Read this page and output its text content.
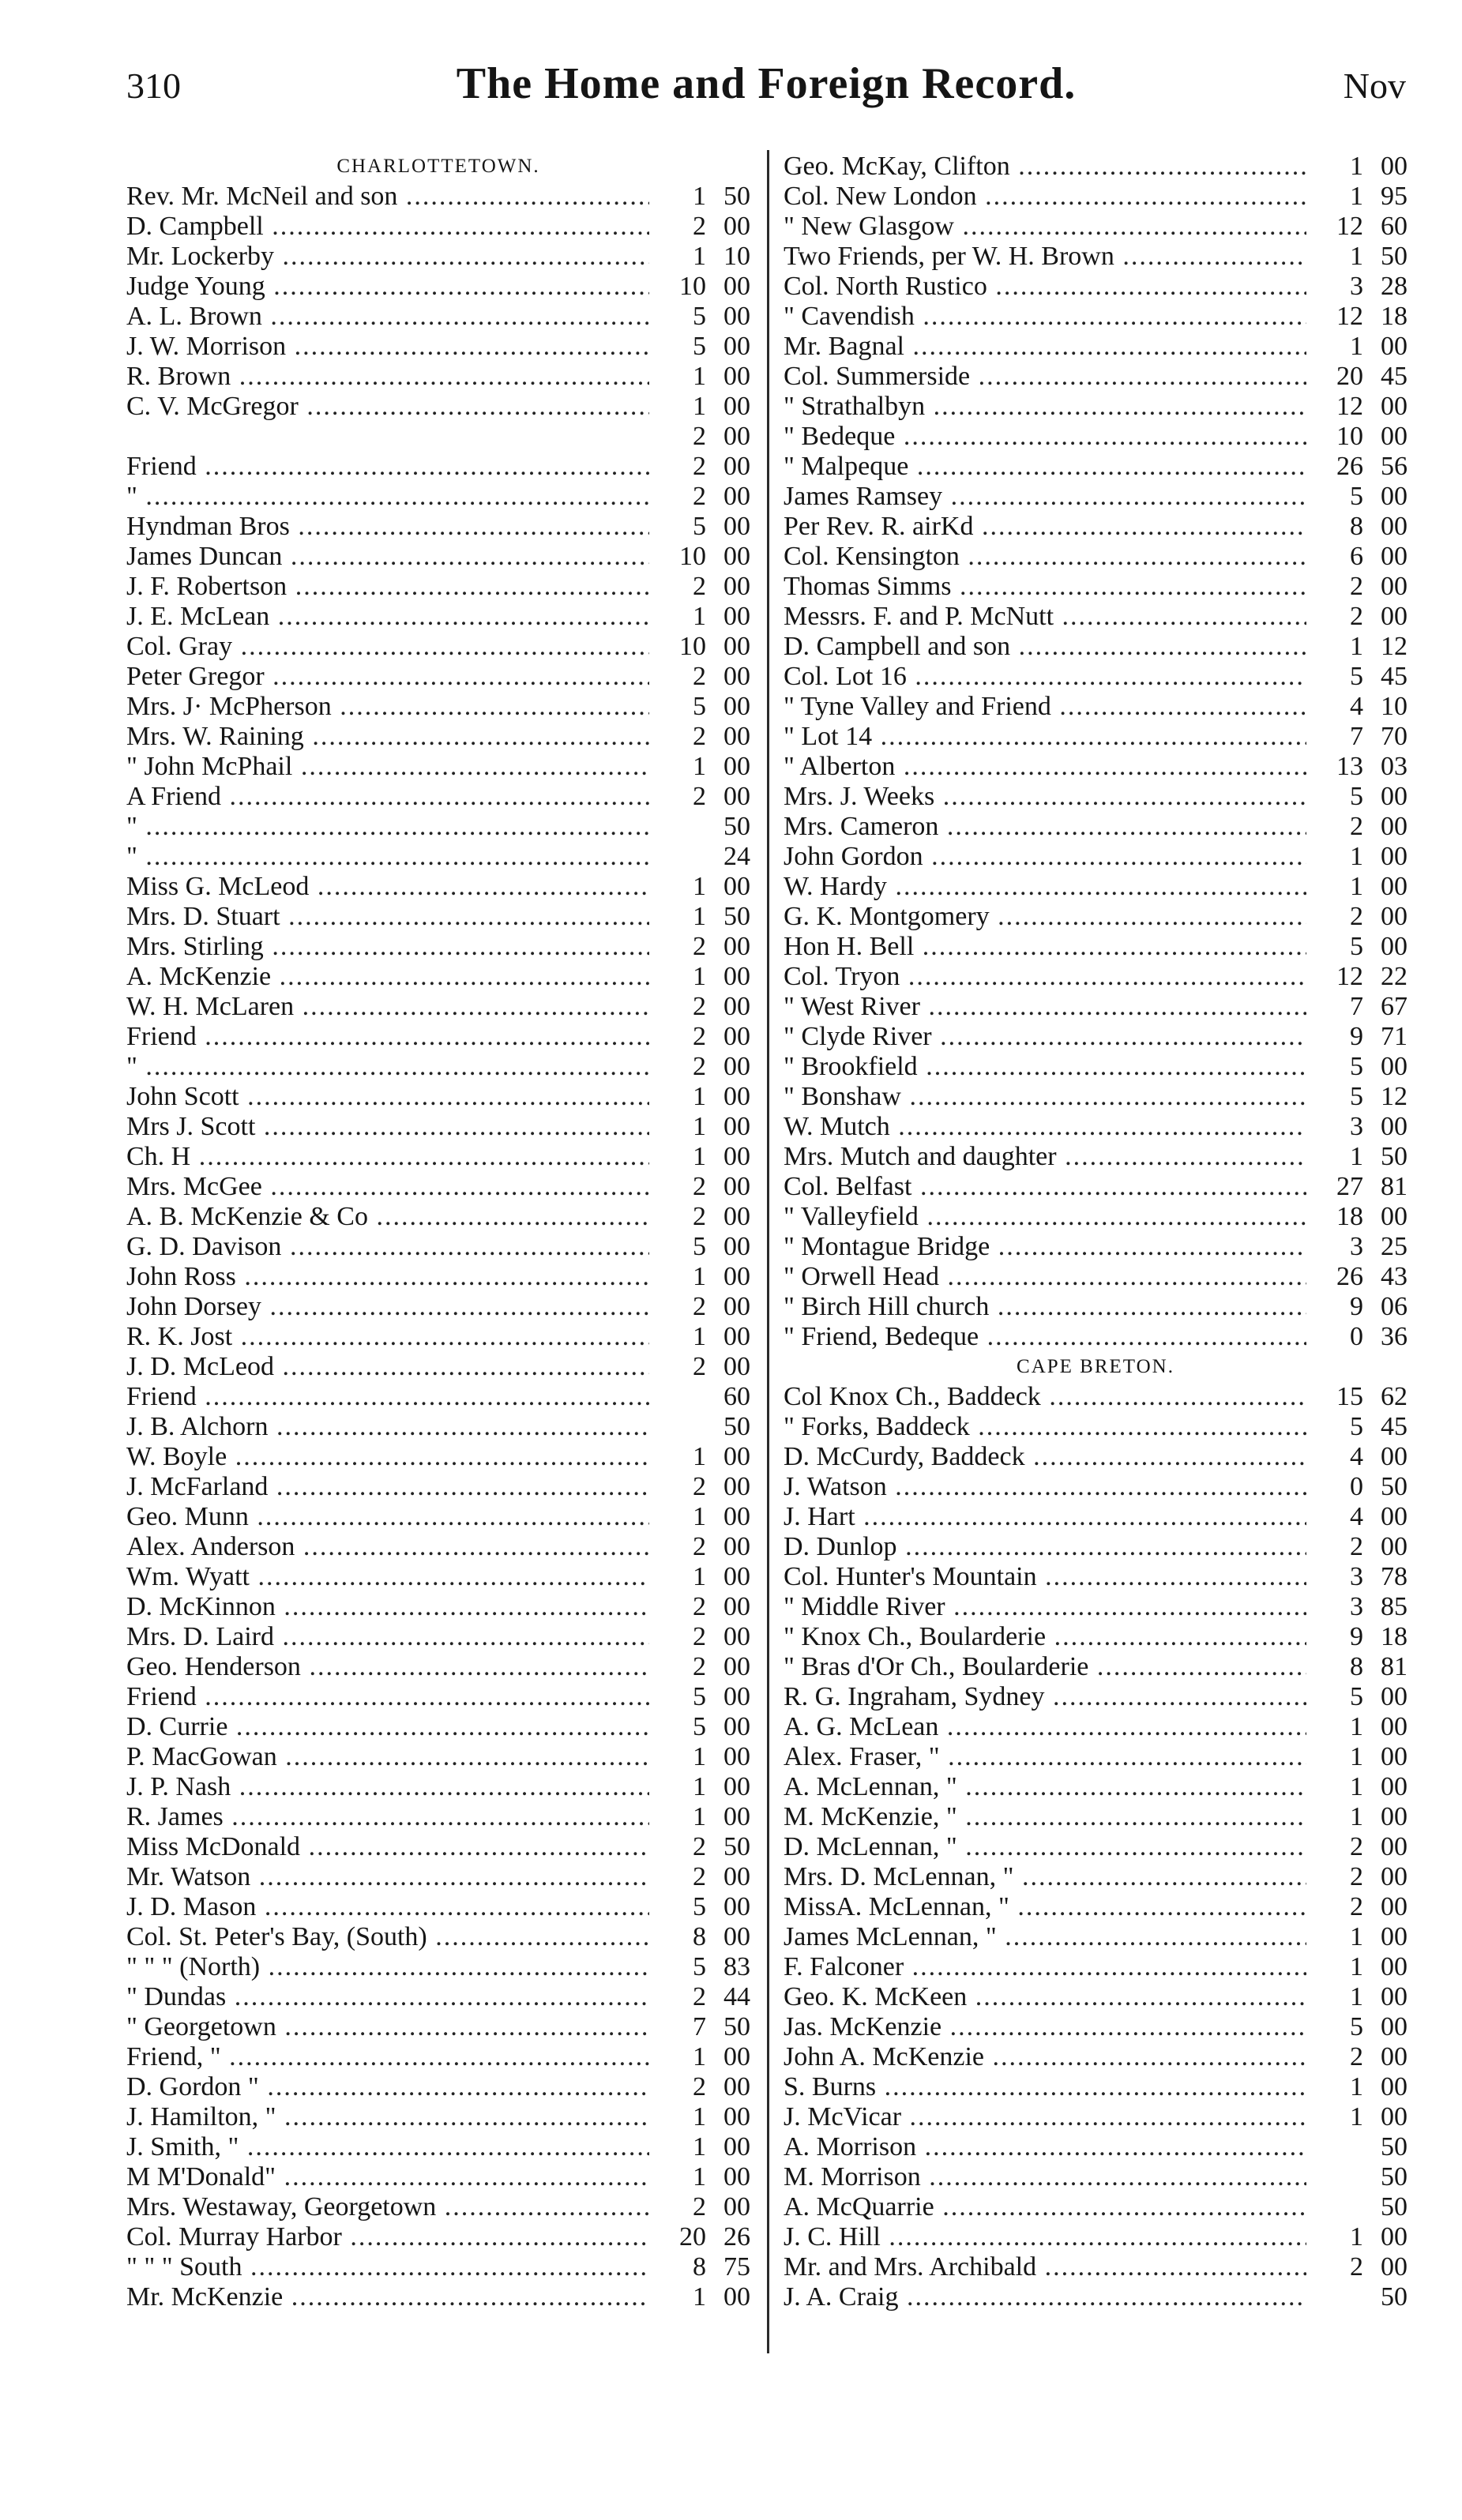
310	The Home and Foreign Record.	Nov
CHARLOTTETOWN.
Rev. Mr. McNeil and son .....	1 50
D. Campbell .....	2 00
Mr. Lockerby .....	1 10
Judge Young .....	10 00
A. L. Brown .....	5 00
J. W. Morrison .....	5 00
R. Brown .....	1 00
C. V. McGregor .....	1 00
2 00
Friend .....	2 00
" .....	2 00
Hyndman Bros .....	5 00
James Duncan .....	10 00
J. F. Robertson .....	2 00
J. E. McLean .....	1 00
Col. Gray .....	10 00
Peter Gregor .....	2 00
Mrs. J· McPherson .....	5 00
Mrs. W. Raining .....	2 00
" John McPhail .....	1 00
A Friend .....	2 00
" .....	50
" .....	24
Miss G. McLeod .....	1 00
Mrs. D. Stuart .....	1 50
Mrs. Stirling .....	2 00
A. McKenzie .....	1 00
W. H. McLaren .....	2 00
Friend .....	2 00
" .....	2 00
John Scott .....	1 00
Mrs J. Scott .....	1 00
Ch. H .....	1 00
Mrs. McGee .....	2 00
A. B. McKenzie & Co .....	2 00
G. D. Davison .....	5 00
John Ross .....	1 00
John Dorsey .....	2 00
R. K. Jost .....	1 00
J. D. McLeod .....	2 00
Friend .....	60
J. B. Alchorn .....	50
W. Boyle .....	1 00
J. McFarland .....	2 00
Geo. Munn .....	1 00
Alex. Anderson .....	2 00
Wm. Wyatt .....	1 00
D. McKinnon .....	2 00
Mrs. D. Laird .....	2 00
Geo. Henderson .....	2 00
Friend .....	5 00
D. Currie .....	5 00
P. MacGowan .....	1 00
J. P. Nash .....	1 00
R. James .....	1 00
Miss McDonald .....	2 50
Mr. Watson .....	2 00
J. D. Mason .....	5 00
Col. St. Peter's Bay, (South) .....	8 00
" " " (North) .....	5 83
" Dundas .....	2 44
" Georgetown .....	7 50
Friend, " .....	1 00
D. Gordon " .....	2 00
J. Hamilton, " .....	1 00
J. Smith, " .....	1 00
M M'Donald" .....	1 00
Mrs. Westaway, Georgetown .....	2 00
Col. Murray Harbor .....	20 26
" " " South .....	8 75
Mr. McKenzie .....	1 00
Geo. McKay, Clifton .....	1 00
Col. New London .....	1 95
" New Glasgow .....	12 60
Two Friends, per W. H. Brown .....	1 50
Col. North Rustico .....	3 28
" Cavendish .....	12 18
Mr. Bagnal .....	1 00
Col. Summerside .....	20 45
" Strathalbyn .....	12 00
" Bedeque .....	10 00
" Malpeque .....	26 56
James Ramsey .....	5 00
Per Rev. R. airKd .....	8 00
Col. Kensington .....	6 00
Thomas Simms .....	2 00
Messrs. F. and P. McNutt .....	2 00
D. Campbell and son .....	1 12
Col. Lot 16 .....	5 45
" Tyne Valley and Friend .....	4 10
" Lot 14 .....	7 70
" Alberton .....	13 03
Mrs. J. Weeks .....	5 00
Mrs. Cameron .....	2 00
John Gordon .....	1 00
W. Hardy .....	1 00
G. K. Montgomery .....	2 00
Hon H. Bell .....	5 00
Col. Tryon .....	12 22
" West River .....	7 67
" Clyde River .....	9 71
" Brookfield .....	5 00
" Bonshaw .....	5 12
W. Mutch .....	3 00
Mrs. Mutch and daughter .....	1 50
Col. Belfast .....	27 81
" Valleyfield .....	18 00
" Montague Bridge .....	3 25
" Orwell Head .....	26 43
" Birch Hill church .....	9 06
" Friend, Bedeque .....	0 36
CAPE BRETON.
Col Knox Ch., Baddeck .....	15 62
" Forks, Baddeck .....	5 45
D. McCurdy, Baddeck .....	4 00
J. Watson .....	0 50
J. Hart .....	4 00
D. Dunlop .....	2 00
Col. Hunter's Mountain .....	3 78
" Middle River .....	3 85
" Knox Ch., Boularderie .....	9 18
" Bras d'Or Ch., Boularderie .....	8 81
R. G. Ingraham, Sydney .....	5 00
A. G. McLean .....	1 00
Alex. Fraser, " .....	1 00
A. McLennan, " .....	1 00
M. McKenzie, " .....	1 00
D. McLennan, " .....	2 00
Mrs. D. McLennan, " .....	2 00
MissA. McLennan, " .....	2 00
James McLennan, " .....	1 00
F. Falconer .....	1 00
Geo. K. McKeen .....	1 00
Jas. McKenzie .....	5 00
John A. McKenzie .....	2 00
S. Burns .....	1 00
J. McVicar .....	1 00
A. Morrison .....	50
M. Morrison .....	50
A. McQuarrie .....	50
J. C. Hill .....	1 00
Mr. and Mrs. Archibald .....	2 00
J. A. Craig .....	50
